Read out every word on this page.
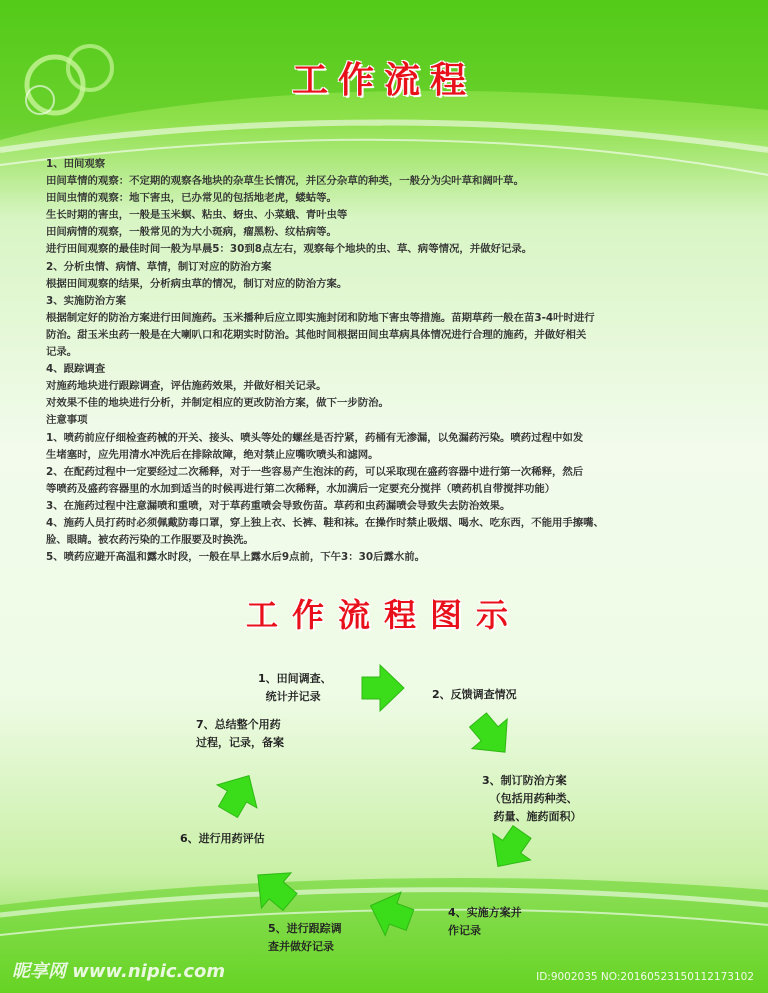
工作流程

1、田间观察

田间草情的观察：不定期的观察各地块的杂草生长情况，并区分杂草的种类，一般分为尖叶草和阔叶草。

田间虫情的观察：地下害虫，已办常见的包括地老虎，蝼蛄等。

生长时期的害虫，一般是玉米螟、粘虫、蚜虫、小菜蛾、青叶虫等

田间病情的观察，一般常见的为大小斑病，瘤黑粉、纹枯病等。

进行田间观察的最佳时间一般为早晨5：30到8点左右，观察每个地块的虫、草、病等情况，并做好记录。

2、分析虫情、病情、草情，制订对应的防治方案

根据田间观察的结果，分析病虫草的情况，制订对应的防治方案。

3、实施防治方案

根据制定好的防治方案进行田间施药。玉米播种后应立即实施封闭和防地下害虫等措施。苗期草药一般在苗3-4叶时进行

防治。甜玉米虫药一般是在大喇叭口和花期实时防治。其他时间根据田间虫草病具体情况进行合理的施药，并做好相关

记录。

4、跟踪调查

对施药地块进行跟踪调查，评估施药效果，并做好相关记录。

对效果不佳的地块进行分析，并制定相应的更改防治方案，做下一步防治。

注意事项

1、喷药前应仔细检查药械的开关、接头、喷头等处的螺丝是否拧紧，药桶有无渗漏，以免漏药污染。喷药过程中如发

生堵塞时，应先用清水冲洗后在排除故障，绝对禁止应嘴吹喷头和滤网。

2、在配药过程中一定要经过二次稀释，对于一些容易产生泡沫的药，可以采取现在盛药容器中进行第一次稀释，然后

等喷药及盛药容器里的水加到适当的时候再进行第二次稀释，水加满后一定要充分搅拌（喷药机自带搅拌功能）

3、在施药过程中注意漏喷和重喷，对于草药重喷会导致伤苗。草药和虫药漏喷会导致失去防治效果。

4、施药人员打药时必须佩戴防毒口罩，穿上独上衣、长裤、鞋和袜。在操作时禁止吸烟、喝水、吃东西，不能用手擦嘴、

脸、眼睛。被农药污染的工作服要及时换洗。

5、喷药应避开高温和露水时段，一般在早上露水后9点前，下午3：30后露水前。

工作流程图示
1、田间调查、
统计并记录	2、反馈调查情况
3、制订防治方案
（包括用药种类、
药量、施药面积）
4、实施方案并
作记录
5、进行跟踪调
查并做好记录
6、进行用药评估
7、总结整个用药
过程，记录，备案
昵享网 www.nipic.com	ID:9002035 NO:20160523150112173102
